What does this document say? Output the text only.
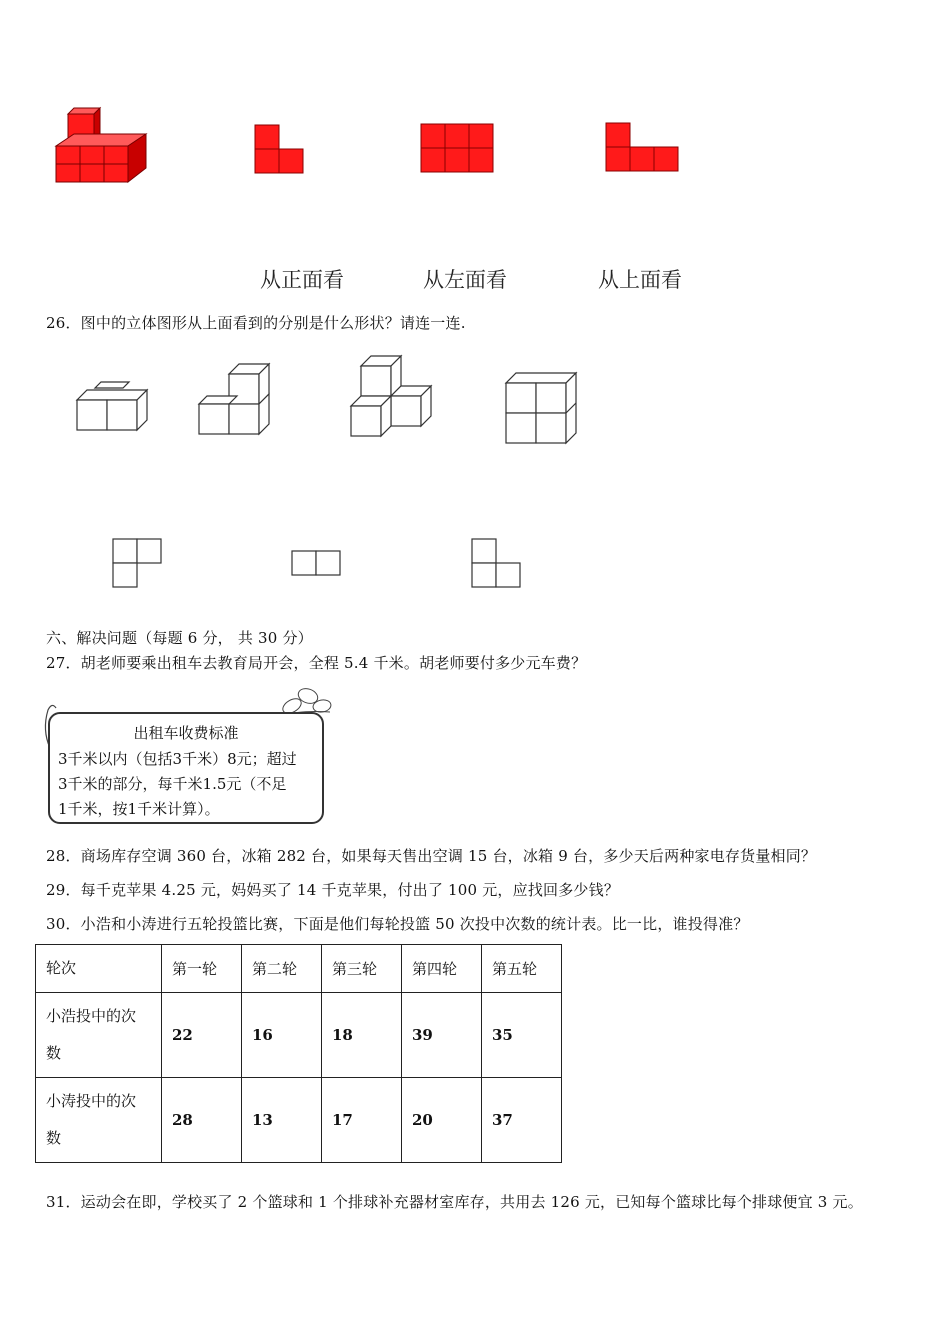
从正面看	从左面看	从上面看
26．图中的立体图形从上面看到的分别是什么形状？请连一连.
六、解决问题（每题 6 分， 共 30 分）
27．胡老师要乘出租车去教育局开会，全程 5.4 千米。胡老师要付多少元车费？
出租车收费标准
3千米以内（包括3千米）8元；超过
3千米的部分，每千米1.5元（不足
1千米，按1千米计算）。
28．商场库存空调 360 台，冰箱 282 台，如果每天售出空调 15 台，冰箱 9 台，多少天后两种家电存货量相同？
29．每千克苹果 4.25 元，妈妈买了 14 千克苹果，付出了 100 元，应找回多少钱？
30．小浩和小涛进行五轮投篮比赛，下面是他们每轮投篮 50 次投中次数的统计表。比一比，谁投得准？
轮次	第一轮	第二轮	第三轮	第四轮	第五轮

小浩投中的次
数	22	16	18	39	35

小涛投中的次
数	28	13	17	20	37
31．运动会在即，学校买了 2 个篮球和 1 个排球补充器材室库存，共用去 126 元，已知每个篮球比每个排球便宜 3 元。
